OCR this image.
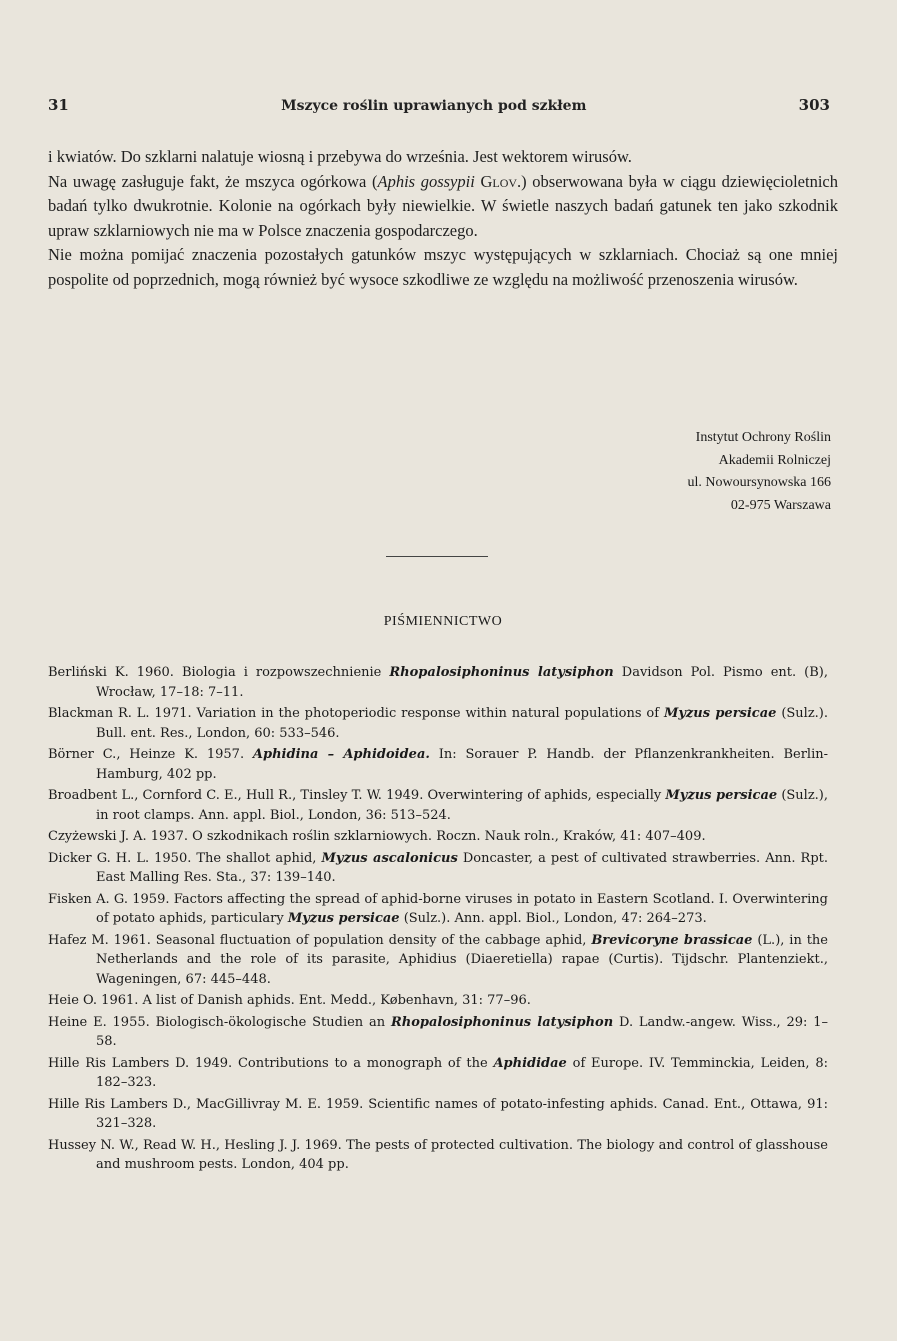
31	Mszyce roślin uprawianych pod szkłem	303

i kwiatów. Do szklarni nalatuje wiosną i przebywa do września. Jest wektorem wirusów.

Na uwagę zasługuje fakt, że mszyca ogórkowa (Aphis gossypii Glov.) obserwowana była w ciągu dziewięcioletnich badań tylko dwukrotnie. Kolonie na ogórkach były niewielkie. W świetle naszych badań gatunek ten jako szkodnik upraw szklarniowych nie ma w Polsce znaczenia gospodarczego.

Nie można pomijać znaczenia pozostałych gatunków mszyc występujących w szklarniach. Chociaż są one mniej pospolite od poprzednich, mogą również być wysoce szkodliwe ze względu na możliwość przenoszenia wirusów.

Instytut Ochrony Roślin
Akademii Rolniczej
ul. Nowoursynowska 166
02-975 Warszawa
PIŚMIENNICTWO

Berliński K. 1960. Biologia i rozpowszechnienie Rhopalosiphoninus latysiphon Davidson Pol. Pismo ent. (B), Wrocław, 17–18: 7–11.

Blackman R. L. 1971. Variation in the photoperiodic response within natural populations of Myzus persicae (Sulz.). Bull. ent. Res., London, 60: 533–546.

Börner C., Heinze K. 1957. Aphidina – Aphidoidea. In: Sorauer P. Handb. der Pflanzenkrankheiten. Berlin-Hamburg, 402 pp.

Broadbent L., Cornford C. E., Hull R., Tinsley T. W. 1949. Overwintering of aphids, especially Myzus persicae (Sulz.), in root clamps. Ann. appl. Biol., London, 36: 513–524.

Czyżewski J. A. 1937. O szkodnikach roślin szklarniowych. Roczn. Nauk roln., Kraków, 41: 407–409.

Dicker G. H. L. 1950. The shallot aphid, Myzus ascalonicus Doncaster, a pest of cultivated strawberries. Ann. Rpt. East Malling Res. Sta., 37: 139–140.

Fisken A. G. 1959. Factors affecting the spread of aphid-borne viruses in potato in Eastern Scotland. I. Overwintering of potato aphids, particulary Myzus persicae (Sulz.). Ann. appl. Biol., London, 47: 264–273.

Hafez M. 1961. Seasonal fluctuation of population density of the cabbage aphid, Brevicoryne brassicae (L.), in the Netherlands and the role of its parasite, Aphidius (Diaeretiella) rapae (Curtis). Tijdschr. Plantenziekt., Wageningen, 67: 445–448.

Heie O. 1961. A list of Danish aphids. Ent. Medd., København, 31: 77–96.

Heine E. 1955. Biologisch-ökologische Studien an Rhopalosiphoninus latysiphon D. Landw.-angew. Wiss., 29: 1–58.

Hille Ris Lambers D. 1949. Contributions to a monograph of the Aphididae of Europe. IV. Temminckia, Leiden, 8: 182–323.

Hille Ris Lambers D., MacGillivray M. E. 1959. Scientific names of potato-infesting aphids. Canad. Ent., Ottawa, 91: 321–328.

Hussey N. W., Read W. H., Hesling J. J. 1969. The pests of protected cultivation. The biology and control of glasshouse and mushroom pests. London, 404 pp.
